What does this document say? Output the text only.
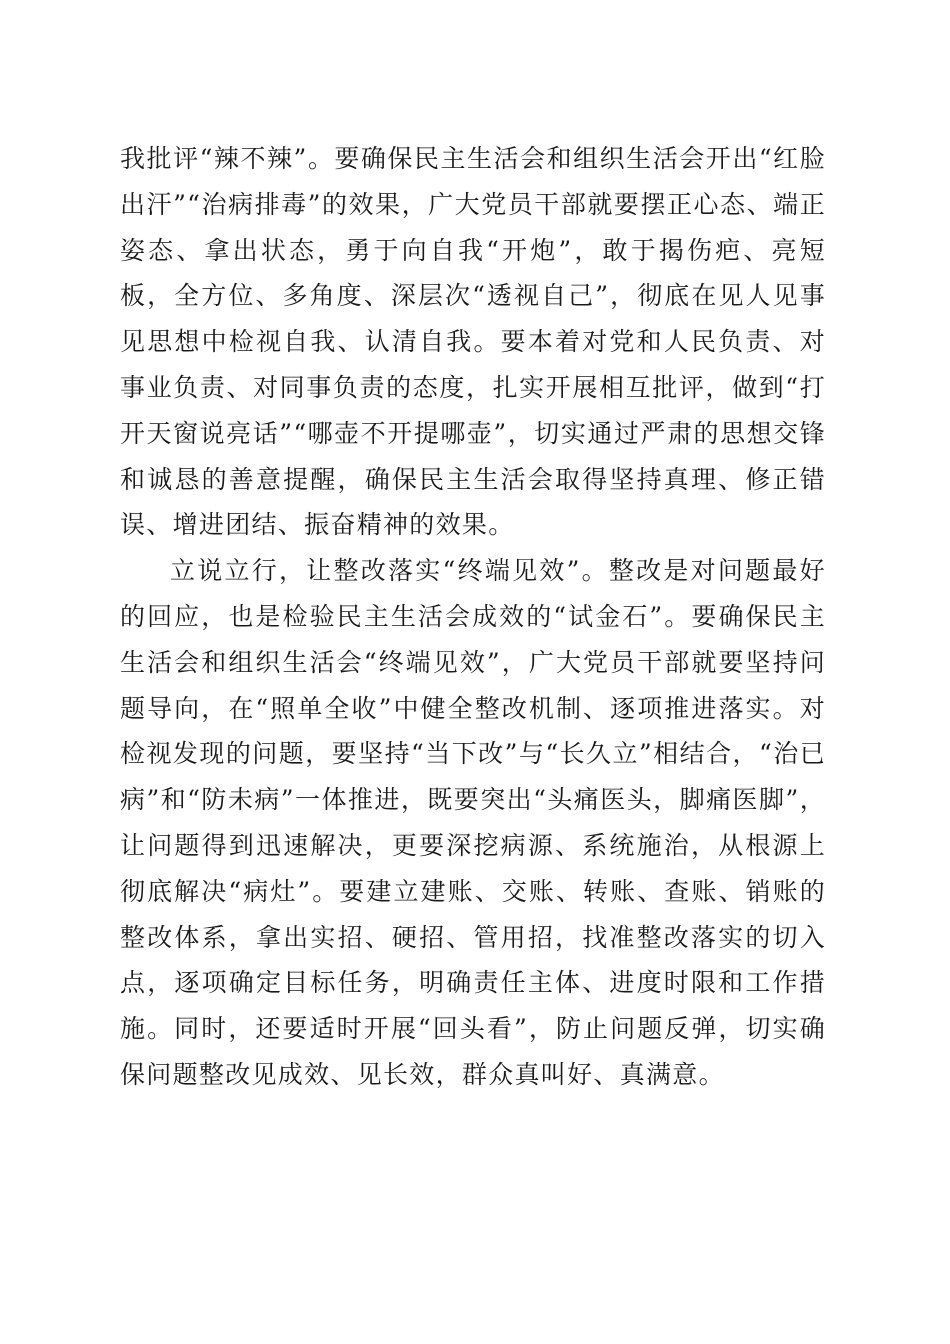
我批评“辣不辣”。要确保民主生活会和组织生活会开出“红脸出汗”“治病排毒”的效果，广大党员干部就要摆正心态、端正姿态、拿出状态，勇于向自我“开炮”，敢于揭伤疤、亮短板，全方位、多角度、深层次“透视自己”，彻底在见人见事见思想中检视自我、认清自我。要本着对党和人民负责、对事业负责、对同事负责的态度，扎实开展相互批评，做到“打开天窗说亮话”“哪壶不开提哪壶”，切实通过严肃的思想交锋和诚恳的善意提醒，确保民主生活会取得坚持真理、修正错误、增进团结、振奋精神的效果。

立说立行，让整改落实“终端见效”。整改是对问题最好的回应，也是检验民主生活会成效的“试金石”。要确保民主生活会和组织生活会“终端见效”，广大党员干部就要坚持问题导向，在“照单全收”中健全整改机制、逐项推进落实。对检视发现的问题，要坚持“当下改”与“长久立”相结合，“治已病”和“防未病”一体推进，既要突出“头痛医头，脚痛医脚”，让问题得到迅速解决，更要深挖病源、系统施治，从根源上彻底解决“病灶”。要建立建账、交账、转账、查账、销账的整改体系，拿出实招、硬招、管用招，找准整改落实的切入点，逐项确定目标任务，明确责任主体、进度时限和工作措施。同时，还要适时开展“回头看”，防止问题反弹，切实确保问题整改见成效、见长效，群众真叫好、真满意。
